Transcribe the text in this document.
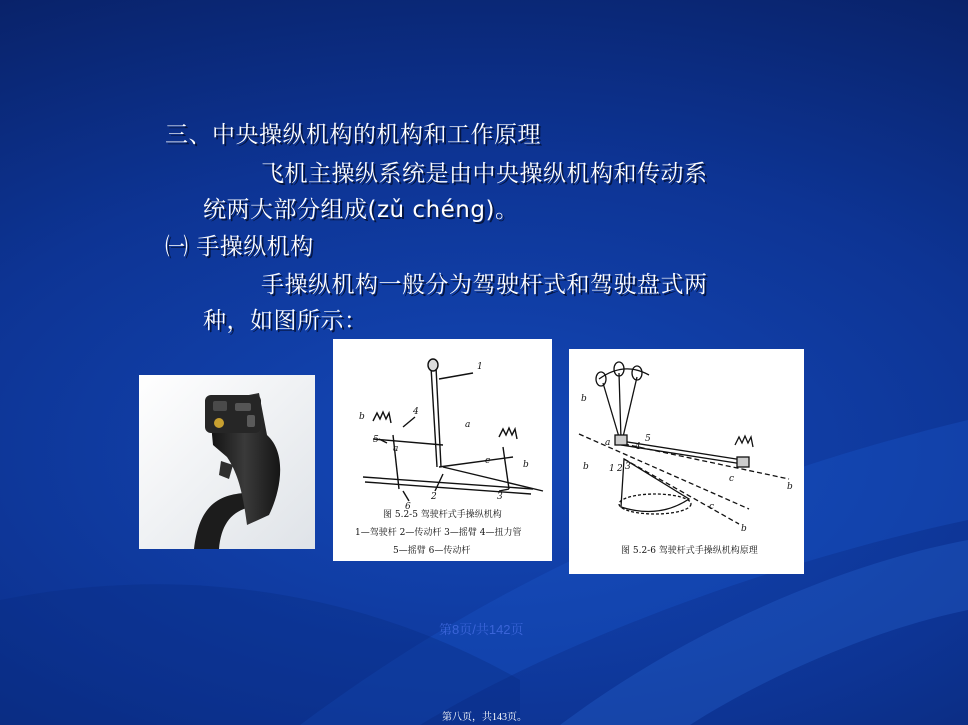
三、中央操纵机构的机构和工作原理
飞机主操纵系统是由中央操纵机构和传动系
统两大部分组成(zǔ chéng)。
㈠ 手操纵机构
手操纵机构一般分为驾驶杆式和驾驶盘式两
种，如图所示：
1
4
5
a
b
b
c
a
6
2	3
图 5.2-5 驾驶杆式手操纵机构
1—驾驶杆 2—传动杆 3—摇臂 4—扭力管
5—摇臂 6—传动杆
b
a	5
4
b 1 2 3
c
b
c
b
图 5.2-6 驾驶杆式手操纵机构原理
第8页/共142页
第八页，共143页。
